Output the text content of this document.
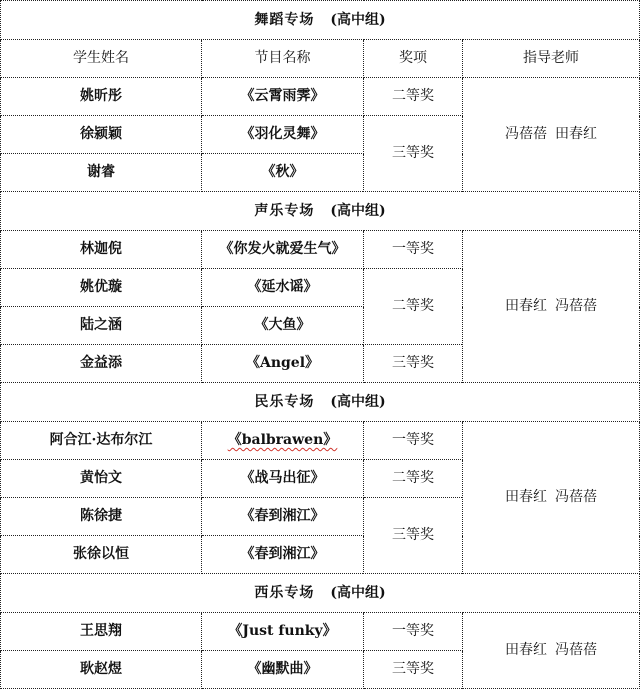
舞蹈专场 (高中组)			
学生姓名	节目名称	奖项	指导老师
姚昕彤	《云霄雨霁》	二等奖	冯蓓蓓 田春红
徐颍颖	《羽化灵舞》	三等奖	
谢睿	《秋》		
声乐专场 (高中组)			
林迦倪	《你发火就爱生气》	一等奖	田春红 冯蓓蓓
姚优璇	《延水谣》	二等奖	
陆之涵	《大鱼》		
金益添	《Angel》	三等奖	
民乐专场 (高中组)			
阿合江·达布尔江	《balbrawen》	一等奖	田春红 冯蓓蓓
黄怡文	《战马出征》	二等奖	
陈徐捷	《春到湘江》	三等奖	
张徐以恒	《春到湘江》		
西乐专场 (高中组)			
王思翔	《Just funky》	一等奖	田春红 冯蓓蓓
耿赵煜	《幽默曲》	三等奖	
